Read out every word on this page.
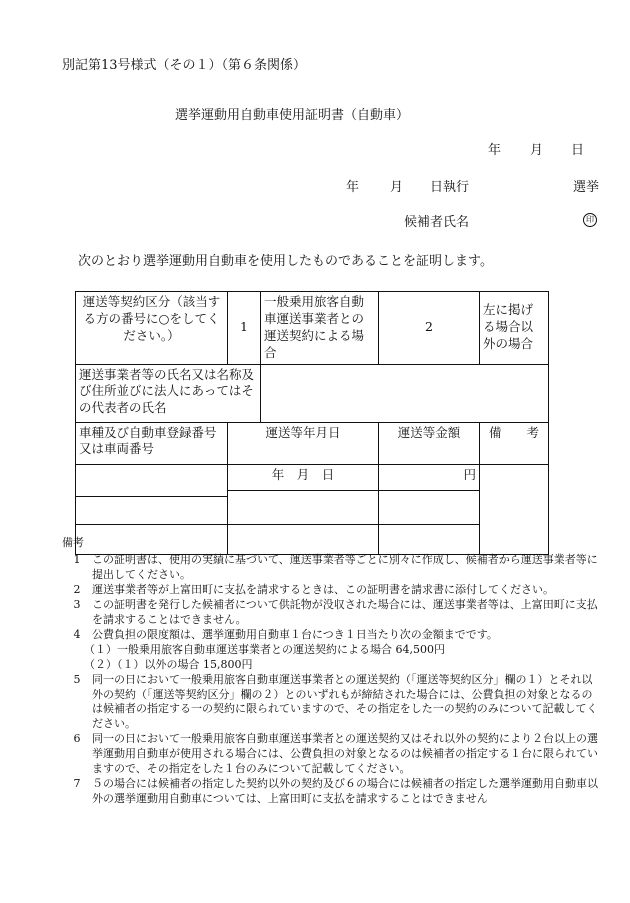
別記第13号様式（その１）（第６条関係）
選挙運動用自動車使用証明書（自動車）
年 月 日
年 月 日執行	選挙
候補者氏名	印
次のとおり選挙運動用自動車を使用したものであることを証明します。
運送等契約区分（該当する方の番号に○をしてください。）	1	一般乗用旅客自動車運送事業者との運送契約による場合	2	左に掲げる場合以外の場合
運送事業者等の氏名又は名称及び住所並びに法人にあってはその代表者の氏名				
車種及び自動車登録番号又は車両番号	運送等年月日		運送等金額	備　　考
	年　月　日		円	

備考
1	この証明書は、使用の実績に基づいて、運送事業者等ごとに別々に作成し、候補者から運送事業者等に提出してください。
2	運送事業者等が上富田町に支払を請求するときは、この証明書を請求書に添付してください。
3	この証明書を発行した候補者について供託物が没収された場合には、運送事業者等は、上富田町に支払を請求することはできません。
4	公費負担の限度額は、選挙運動用自動車１台につき１日当たり次の金額までです。
（１）一般乗用旅客自動車運送事業者との運送契約による場合 64,500円
（２）（１）以外の場合 15,800円
5	同一の日において一般乗用旅客自動車運送事業者との運送契約（「運送等契約区分」欄の１）とそれ以外の契約（「運送等契約区分」欄の２）とのいずれもが締結された場合には、公費負担の対象となるのは候補者の指定する一の契約に限られていますので、その指定をした一の契約のみについて記載してください。
6	同一の日において一般乗用旅客自動車運送事業者との運送契約又はそれ以外の契約により２台以上の選挙運動用自動車が使用される場合には、公費負担の対象となるのは候補者の指定する１台に限られていますので、その指定をした１台のみについて記載してください。
7	５の場合には候補者の指定した契約以外の契約及び６の場合には候補者の指定した選挙運動用自動車以外の選挙運動用自動車については、上富田町に支払を請求することはできません
